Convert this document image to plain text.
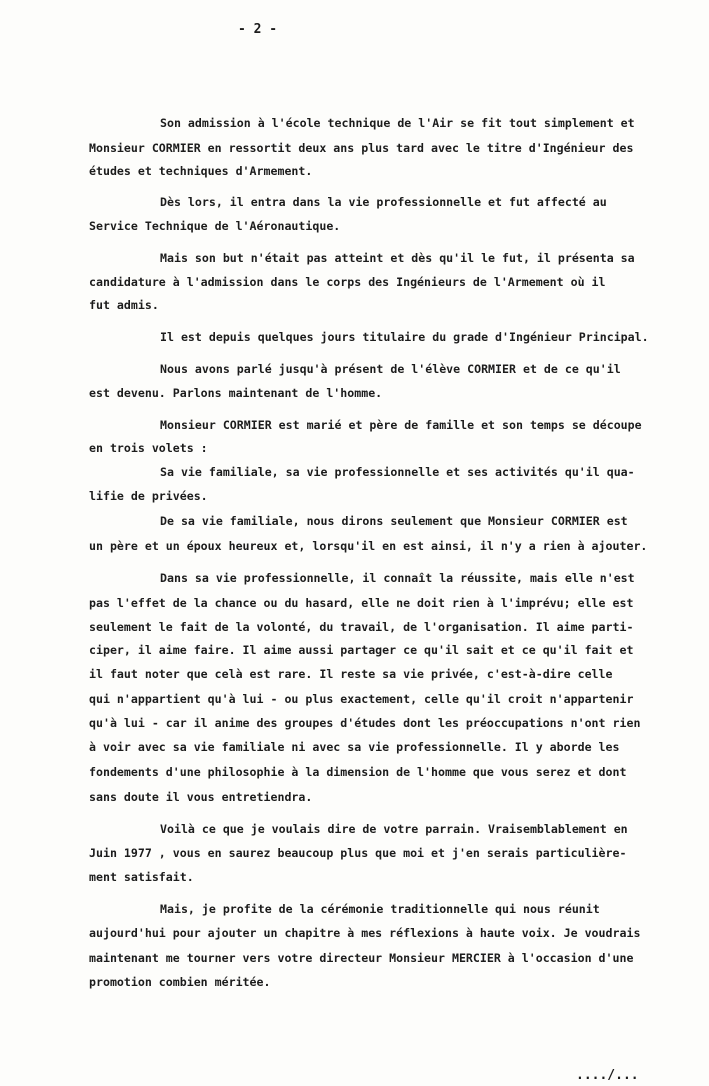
- 2 -
Son admission à l'école technique de l'Air se fit tout simplement et
Monsieur CORMIER en ressortit deux ans plus tard avec le titre d'Ingénieur des
études et techniques d'Armement.
Dès lors, il entra dans la vie professionnelle et fut affecté au
Service Technique de l'Aéronautique.
Mais son but n'était pas atteint et dès qu'il le fut, il présenta sa
candidature à l'admission dans le corps des Ingénieurs de l'Armement où il
fut admis.
Il est depuis quelques jours titulaire du grade d'Ingénieur Principal.
Nous avons parlé jusqu'à présent de l'élève CORMIER et de ce qu'il
est devenu. Parlons maintenant de l'homme.
Monsieur CORMIER est marié et père de famille et son temps se découpe
en trois volets :
Sa vie familiale, sa vie professionnelle et ses activités qu'il qua-
lifie de privées.
De sa vie familiale, nous dirons seulement que Monsieur CORMIER est
un père et un époux heureux et, lorsqu'il en est ainsi, il n'y a rien à ajouter.
Dans sa vie professionnelle, il connaît la réussite, mais elle n'est
pas l'effet de la chance ou du hasard, elle ne doit rien à l'imprévu; elle est
seulement le fait de la volonté, du travail, de l'organisation. Il aime parti-
ciper, il aime faire. Il aime aussi partager ce qu'il sait et ce qu'il fait et
il faut noter que celà est rare. Il reste sa vie privée, c'est-à-dire celle
qui n'appartient qu'à lui - ou plus exactement, celle qu'il croit n'appartenir
qu'à lui - car il anime des groupes d'études dont les préoccupations n'ont rien
à voir avec sa vie familiale ni avec sa vie professionnelle. Il y aborde les
fondements d'une philosophie à la dimension de l'homme que vous serez et dont
sans doute il vous entretiendra.
Voilà ce que je voulais dire de votre parrain. Vraisemblablement en
Juin 1977 , vous en saurez beaucoup plus que moi et j'en serais particulière-
ment satisfait.
Mais, je profite de la cérémonie traditionnelle qui nous réunit
aujourd'hui pour ajouter un chapitre à mes réflexions à haute voix. Je voudrais
maintenant me tourner vers votre directeur Monsieur MERCIER à l'occasion d'une
promotion combien méritée.
..../...
